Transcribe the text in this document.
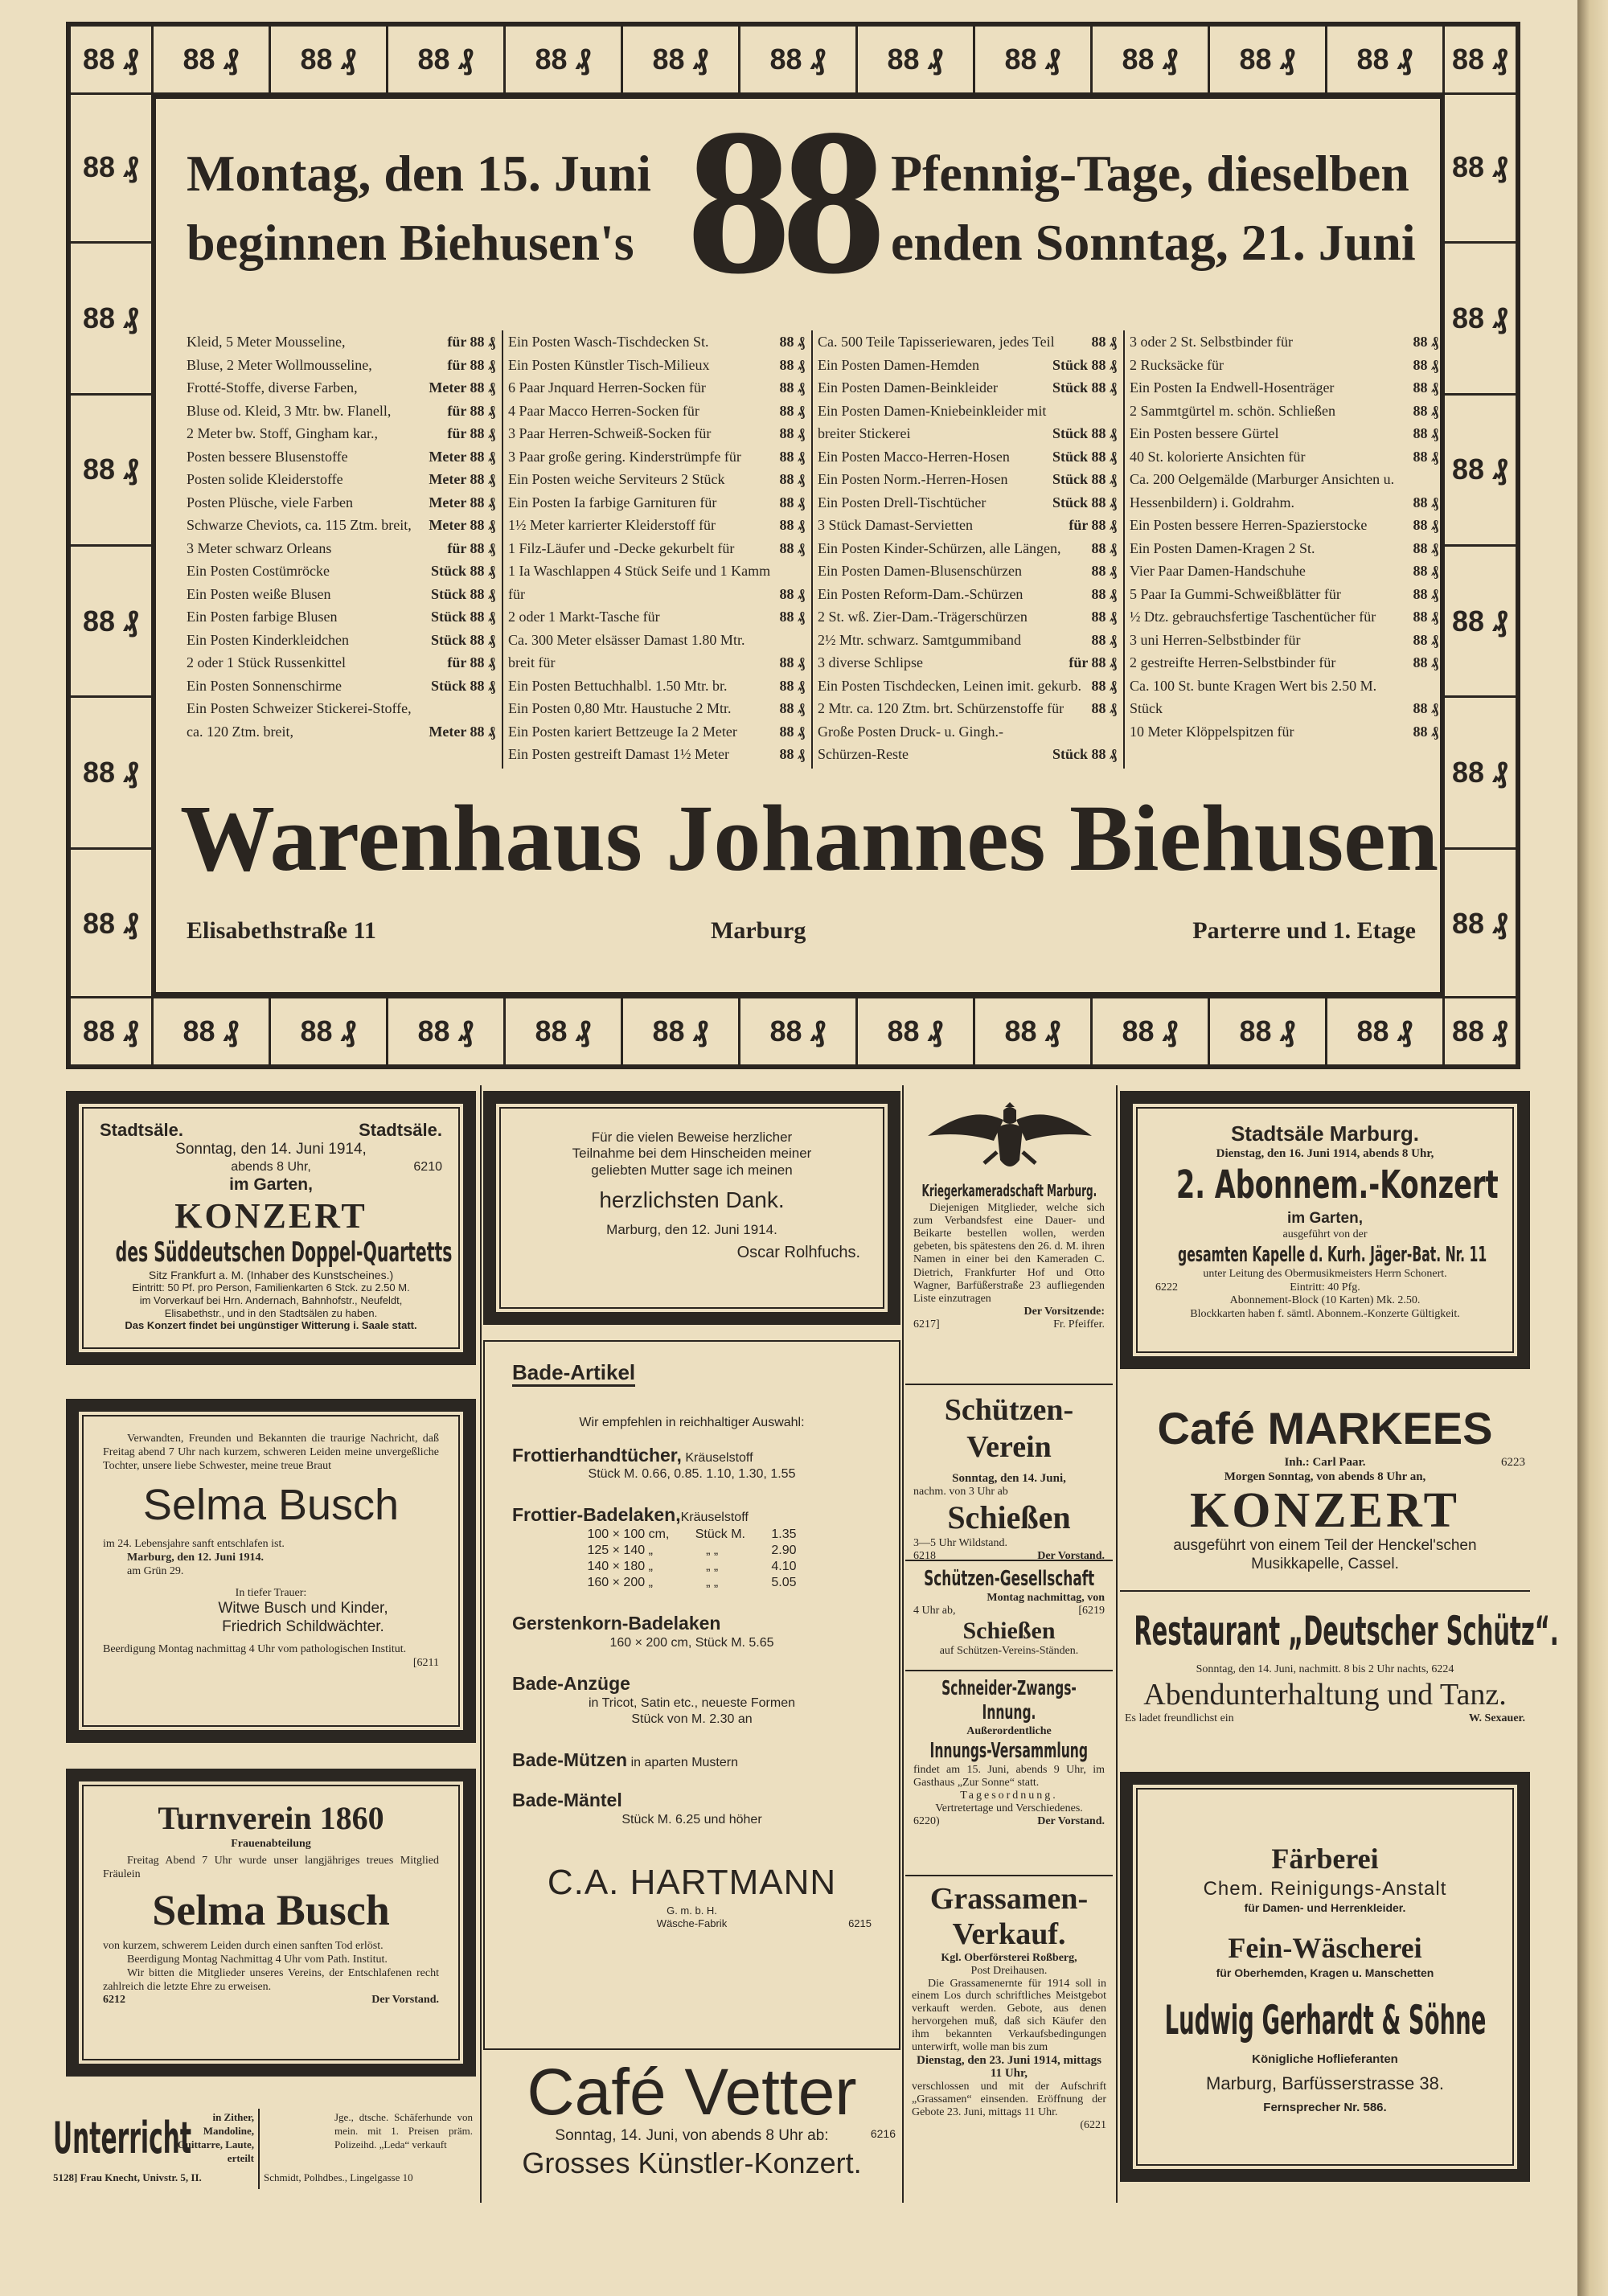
88 ₰	88 ₰	88 ₰	88 ₰	88 ₰	88 ₰	88 ₰	88 ₰	88 ₰	88 ₰	88 ₰	88 ₰	88 ₰
88 ₰	88 ₰	88 ₰	88 ₰	88 ₰	88 ₰	88 ₰	88 ₰	88 ₰	88 ₰	88 ₰	88 ₰	88 ₰
88 ₰
88 ₰
88 ₰
88 ₰
88 ₰
88 ₰
88 ₰
88 ₰
88 ₰
88 ₰
88 ₰
88 ₰
Montag, den 15. Juni
beginnen Biehusen's 88 Pfennig-Tage, dieselben
enden Sonntag, 21. Juni
Kleid, 5 Meter Mousseline,	für 88 ₰
Bluse, 2 Meter Wollmousseline,	für 88 ₰
Frotté-Stoffe, diverse Farben,	Meter 88 ₰
Bluse od. Kleid, 3 Mtr. bw. Flanell,	für 88 ₰
2 Meter bw. Stoff, Gingham kar.,	für 88 ₰
Posten bessere Blusenstoffe	Meter 88 ₰
Posten solide Kleiderstoffe	Meter 88 ₰
Posten Plüsche, viele Farben	Meter 88 ₰
Schwarze Cheviots, ca. 115 Ztm. breit,	Meter 88 ₰
3 Meter schwarz Orleans	für 88 ₰
Ein Posten Costümröcke	Stück 88 ₰
Ein Posten weiße Blusen	Stück 88 ₰
Ein Posten farbige Blusen	Stück 88 ₰
Ein Posten Kinderkleidchen	Stück 88 ₰
2 oder 1 Stück Russenkittel	für 88 ₰
Ein Posten Sonnenschirme	Stück 88 ₰
Ein Posten Schweizer Stickerei-Stoffe, ca. 120 Ztm. breit,	Meter 88 ₰
Ein Posten Wasch-Tischdecken St.	88 ₰
Ein Posten Künstler Tisch-Milieux	88 ₰
6 Paar Jnquard Herren-Socken für	88 ₰
4 Paar Macco Herren-Socken für	88 ₰
3 Paar Herren-Schweiß-Socken für	88 ₰
3 Paar große gering. Kinderstrümpfe für	88 ₰
Ein Posten weiche Serviteurs 2 Stück	88 ₰
Ein Posten Ia farbige Garnituren für	88 ₰
1½ Meter karrierter Kleiderstoff für	88 ₰
1 Filz-Läufer und -Decke gekurbelt für	88 ₰
1 Ia Waschlappen 4 Stück Seife und 1 Kamm für	88 ₰
2 oder 1 Markt-Tasche für	88 ₰
Ca. 300 Meter elsässer Damast 1.80 Mtr. breit für	88 ₰
Ein Posten Bettuchhalbl. 1.50 Mtr. br.	88 ₰
Ein Posten 0,80 Mtr. Haustuche 2 Mtr.	88 ₰
Ein Posten kariert Bettzeuge Ia 2 Meter	88 ₰
Ein Posten gestreift Damast 1½ Meter	88 ₰
Ca. 500 Teile Tapisseriewaren, jedes Teil	88 ₰
Ein Posten Damen-Hemden	Stück 88 ₰
Ein Posten Damen-Beinkleider	Stück 88 ₰
Ein Posten Damen-Kniebeinkleider mit breiter Stickerei	Stück 88 ₰
Ein Posten Macco-Herren-Hosen	Stück 88 ₰
Ein Posten Norm.-Herren-Hosen	Stück 88 ₰
Ein Posten Drell-Tischtücher	Stück 88 ₰
3 Stück Damast-Servietten	für 88 ₰
Ein Posten Kinder-Schürzen, alle Längen,	88 ₰
Ein Posten Damen-Blusenschürzen	88 ₰
Ein Posten Reform-Dam.-Schürzen	88 ₰
2 St. wß. Zier-Dam.-Trägerschürzen	88 ₰
2½ Mtr. schwarz. Samtgummiband	88 ₰
3 diverse Schlipse	für 88 ₰
Ein Posten Tischdecken, Leinen imit. gekurb. 88 ₰
2 Mtr. ca. 120 Ztm. brt. Schürzenstoffe für	88 ₰
Große Posten Druck- u. Gingh.-Schürzen-Reste	Stück 88 ₰
3 oder 2 St. Selbstbinder für	88 ₰
2 Rucksäcke für	88 ₰
Ein Posten Ia Endwell-Hosenträger	88 ₰
2 Sammtgürtel m. schön. Schließen	88 ₰
Ein Posten bessere Gürtel	88 ₰
40 St. kolorierte Ansichten für	88 ₰
Ca. 200 Oelgemälde (Marburger Ansichten u. Hessenbildern) i. Goldrahm.	88 ₰
Ein Posten bessere Herren-Spazierstocke	88 ₰
Ein Posten Damen-Kragen 2 St.	88 ₰
Vier Paar Damen-Handschuhe	88 ₰
5 Paar Ia Gummi-Schweißblätter für	88 ₰
½ Dtz. gebrauchsfertige Taschentücher für	88 ₰
3 uni Herren-Selbstbinder für	88 ₰
2 gestreifte Herren-Selbstbinder für	88 ₰
Ca. 100 St. bunte Kragen Wert bis 2.50 M. Stück	88 ₰
10 Meter Klöppelspitzen für	88 ₰
Warenhaus Johannes Biehusen
Elisabethstraße 11	Marburg	Parterre und 1. Etage
Stadtsäle.	Stadtsäle.
Sonntag, den 14. Juni 1914,
abends 8 Uhr,	6210
im Garten,
KONZERT
des Süddeutschen Doppel-Quartetts
Sitz Frankfurt a. M. (Inhaber des Kunstscheines.)
Eintritt: 50 Pf. pro Person, Familienkarten 6 Stck. zu 2.50 M.
im Vorverkauf bei Hrn. Andernach, Bahnhofstr., Neufeldt,
Elisabethstr., und in den Stadtsälen zu haben.
Das Konzert findet bei ungünstiger Witterung i. Saale statt.
Verwandten, Freunden und Bekannten die traurige Nachricht, daß Freitag abend 7 Uhr nach kurzem, schweren Leiden meine unvergeßliche Tochter, unsere liebe Schwester, meine treue Braut
Selma Busch
im 24. Lebensjahre sanft entschlafen ist.
Marburg, den 12. Juni 1914.
am Grün 29.
In tiefer Trauer:
Witwe Busch und Kinder,
Friedrich Schildwächter.
Beerdigung Montag nachmittag 4 Uhr vom pathologischen Institut.
[6211
Turnverein 1860
Frauenabteilung
Freitag Abend 7 Uhr wurde unser langjähriges treues Mitglied Fräulein
Selma Busch
von kurzem, schwerem Leiden durch einen sanften Tod erlöst.
Beerdigung Montag Nachmittag 4 Uhr vom Path. Institut.
Wir bitten die Mitglieder unseres Vereins, der Entschlafenen recht zahlreich die letzte Ehre zu erweisen.
6212	Der Vorstand.
Unterricht	in Zither, Mandoline, Guittarre, Laute, erteilt
5128] Frau Knecht, Univstr. 5, II.
Jge., dtsche. Schäferhunde von mein. mit 1. Preisen präm. Polizeihd. „Leda“ verkauft
Schmidt, Polhdbes., Lingelgasse 10
Für die vielen Beweise herzlicher
Teilnahme bei dem Hinscheiden meiner
geliebten Mutter sage ich meinen
herzlichsten Dank.
Marburg, den 12. Juni 1914.
Oscar Rolhfuchs.
Bade-Artikel
Wir empfehlen in reichhaltiger Auswahl:
Frottierhandtücher, Kräuselstoff
Stück M. 0.66, 0.85. 1.10, 1.30, 1.55
Frottier-Badelaken,Kräuselstoff
100 × 100 cm, Stück M. 1.35
125 × 140 „	„ „	2.90
140 × 180 „	„ „	4.10
160 × 200 „	„ „	5.05
Gerstenkorn-Badelaken
160 × 200 cm, Stück M. 5.65
Bade-Anzüge
in Tricot, Satin etc., neueste Formen
Stück von M. 2.30 an
Bade-Mützen in aparten Mustern
Bade-Mäntel
Stück M. 6.25 und höher
C.A. HARTMANN
G. m. b. H.
Wäsche-Fabrik	6215
Café Vetter
Sonntag, 14. Juni, von abends 8 Uhr ab:	6216
Grosses Künstler-Konzert.
Kriegerkameradschaft Marburg.
Diejenigen Mitglieder, welche sich zum Verbandsfest eine Dauer- und Beikarte bestellen wollen, werden gebeten, bis spätestens den 26. d. M. ihren Namen in einer bei den Kameraden C. Dietrich, Frankfurter Hof und Otto Wagner, Barfüßerstraße 23 aufliegenden Liste einzutragen
Der Vorsitzende:
6217]	Fr. Pfeiffer.
Schützen-Verein
Sonntag, den 14. Juni,
nachm. von 3 Uhr ab
Schießen
3—5 Uhr Wildstand.
6218	Der Vorstand.
Schützen-Gesellschaft
Montag nachmittag, von
4 Uhr ab,	[6219
Schießen
auf Schützen-Vereins-Ständen.
Schneider-Zwangs-Innung.
Außerordentliche
Innungs-Versammlung
findet am 15. Juni, abends 9 Uhr, im Gasthaus „Zur Sonne“ statt.
Tagesordnung.
Vertretertage und Verschiedenes.
6220)	Der Vorstand.
Grassamen-Verkauf.
Kgl. Oberförsterei Roßberg,
Post Dreihausen.
Die Grassamenernte für 1914 soll in einem Los durch schriftliches Meistgebot verkauft werden. Gebote, aus denen hervorgehen muß, daß sich Käufer den ihm bekannten Verkaufsbedingungen unterwirft, wolle man bis zum
Dienstag, den 23. Juni 1914, mittags 11 Uhr,
verschlossen und mit der Aufschrift „Grassamen“ einsenden. Eröffnung der Gebote 23. Juni, mittags 11 Uhr.
(6221
Stadtsäle Marburg.
Dienstag, den 16. Juni 1914, abends 8 Uhr,
2. Abonnem.-Konzert
im Garten,
ausgeführt von der
gesamten Kapelle d. Kurh. Jäger-Bat. Nr. 11
unter Leitung des Obermusikmeisters Herrn Schonert.
6222	Eintritt: 40 Pfg.
Abonnement-Block (10 Karten) Mk. 2.50.
Blockkarten haben f. sämtl. Abonnem.-Konzerte Gültigkeit.
Café MARKEES
Inh.: Carl Paar.	6223
Morgen Sonntag, von abends 8 Uhr an,
KONZERT
ausgeführt von einem Teil der Henckel'schen
Musikkapelle, Cassel.
Restaurant „Deutscher Schütz“.
Sonntag, den 14. Juni, nachmitt. 8 bis 2 Uhr nachts, 6224
Abendunterhaltung und Tanz.
Es ladet freundlichst ein	W. Sexauer.
Färberei
Chem. Reinigungs-Anstalt
für Damen- und Herrenkleider.
Fein-Wäscherei
für Oberhemden, Kragen u. Manschetten
Ludwig Gerhardt & Söhne
Königliche Hoflieferanten
Marburg, Barfüsserstrasse 38.
Fernsprecher Nr. 586.
